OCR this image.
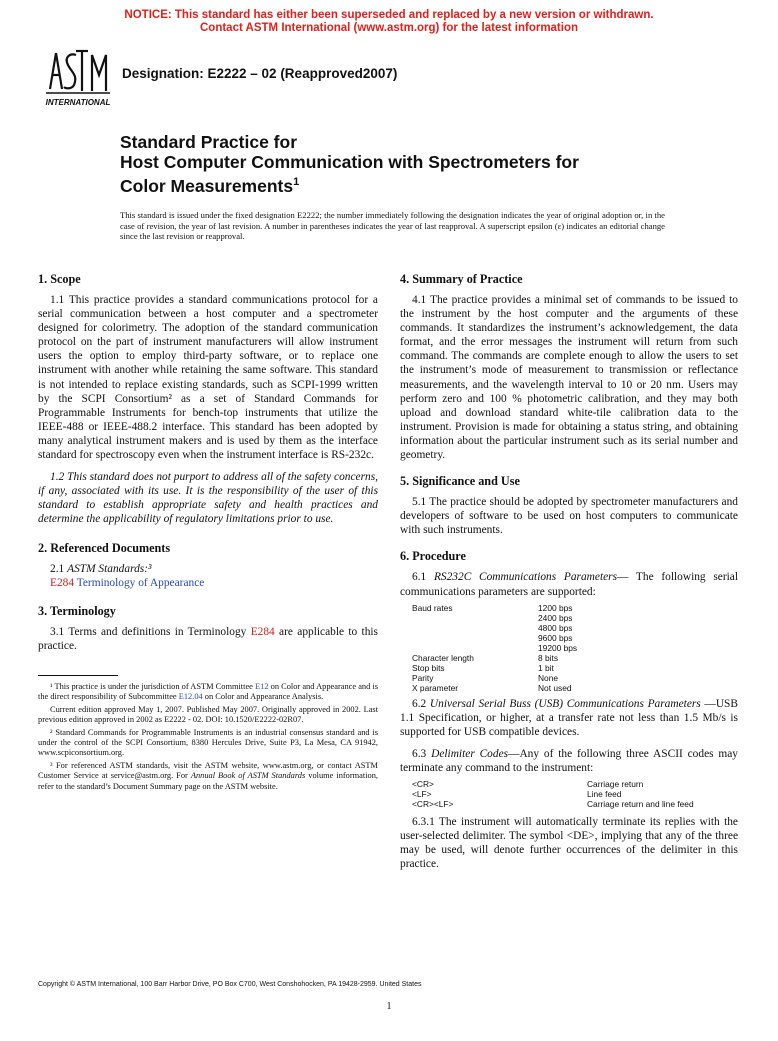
NOTICE: This standard has either been superseded and replaced by a new version or withdrawn.
Contact ASTM International (www.astm.org) for the latest information
INTERNATIONAL
Designation: E2222 – 02 (Reapproved2007)
Standard Practice for
Host Computer Communication with Spectrometers for
Color Measurements$^1$
This standard is issued under the fixed designation E2222; the number immediately following the designation indicates the year of original adoption or, in the case of revision, the year of last revision. A number in parentheses indicates the year of last reapproval. A superscript epsilon (ε) indicates an editorial change since the last revision or reapproval.
1. Scope

1.1 This practice provides a standard communications protocol for a serial communication between a host computer and a spectrometer designed for colorimetry. The adoption of the standard communication protocol on the part of instrument manufacturers will allow instrument users the option to employ third-party software, or to replace one instrument with another while retaining the same software. This standard is not intended to replace existing standards, such as SCPI-1999 written by the SCPI Consortium² as a set of Standard Commands for Programmable Instruments for bench-top instruments that utilize the IEEE-488 or IEEE-488.2 interface. This standard has been adopted by many analytical instrument makers and is used by them as the interface standard for spectroscopy even when the instrument interface is RS-232c.

1.2 This standard does not purport to address all of the safety concerns, if any, associated with its use. It is the responsibility of the user of this standard to establish appropriate safety and health practices and determine the applicability of regulatory limitations prior to use.

2. Referenced Documents

2.1 ASTM Standards:³

E284 Terminology of Appearance

3. Terminology

3.1 Terms and definitions in Terminology E284 are applicable to this practice.

¹ This practice is under the jurisdiction of ASTM Committee E12 on Color and Appearance and is the direct responsibility of Subcommittee E12.04 on Color and Appearance Analysis.

Current edition approved May 1, 2007. Published May 2007. Originally approved in 2002. Last previous edition approved in 2002 as E2222 - 02. DOI: 10.1520/E2222-02R07.

² Standard Commands for Programmable Instruments is an industrial consensus standard and is under the control of the SCPI Consortium, 8380 Hercules Drive, Suite P3, La Mesa, CA 91942, www.scpiconsortium.org.

³ For referenced ASTM standards, visit the ASTM website, www.astm.org, or contact ASTM Customer Service at service@astm.org. For Annual Book of ASTM Standards volume information, refer to the standard’s Document Summary page on the ASTM website.

4. Summary of Practice

4.1 The practice provides a minimal set of commands to be issued to the instrument by the host computer and the arguments of these commands. It standardizes the instrument’s acknowledgement, the data format, and the error messages the instrument will return from such command. The commands are complete enough to allow the users to set the instrument’s mode of measurement to transmission or reflectance measurements, and the wavelength interval to 10 or 20 nm. Users may perform zero and 100 % photometric calibration, and they may both upload and download standard white-tile calibration data to the instrument. Provision is made for obtaining a status string, and obtaining information about the particular instrument such as its serial number and geometry.

5. Significance and Use

5.1 The practice should be adopted by spectrometer manufacturers and developers of software to be used on host computers to communicate with such instruments.

6. Procedure

6.1 RS232C Communications Parameters— The following serial communications parameters are supported:

Baud rates	1200 bps
2400 bps
4800 bps
9600 bps
19200 bps
Character length	8 bits
Stop bits	1 bit
Parity	None
X parameter	Not used

6.2 Universal Serial Buss (USB) Communications Parameters —USB 1.1 Specification, or higher, at a transfer rate not less than 1.5 Mb/s is supported for USB compatible devices.

6.3 Delimiter Codes—Any of the following three ASCII codes may terminate any command to the instrument:

<CR>	Carriage return
<LF>	Line feed
<CR><LF>	Carriage return and line feed

6.3.1 The instrument will automatically terminate its replies with the user-selected delimiter. The symbol <DE>, implying that any of the three may be used, will denote further occurrences of the delimiter in this practice.

Copyright © ASTM International, 100 Barr Harbor Drive, PO Box C700, West Conshohocken, PA 19428-2959. United States
1
